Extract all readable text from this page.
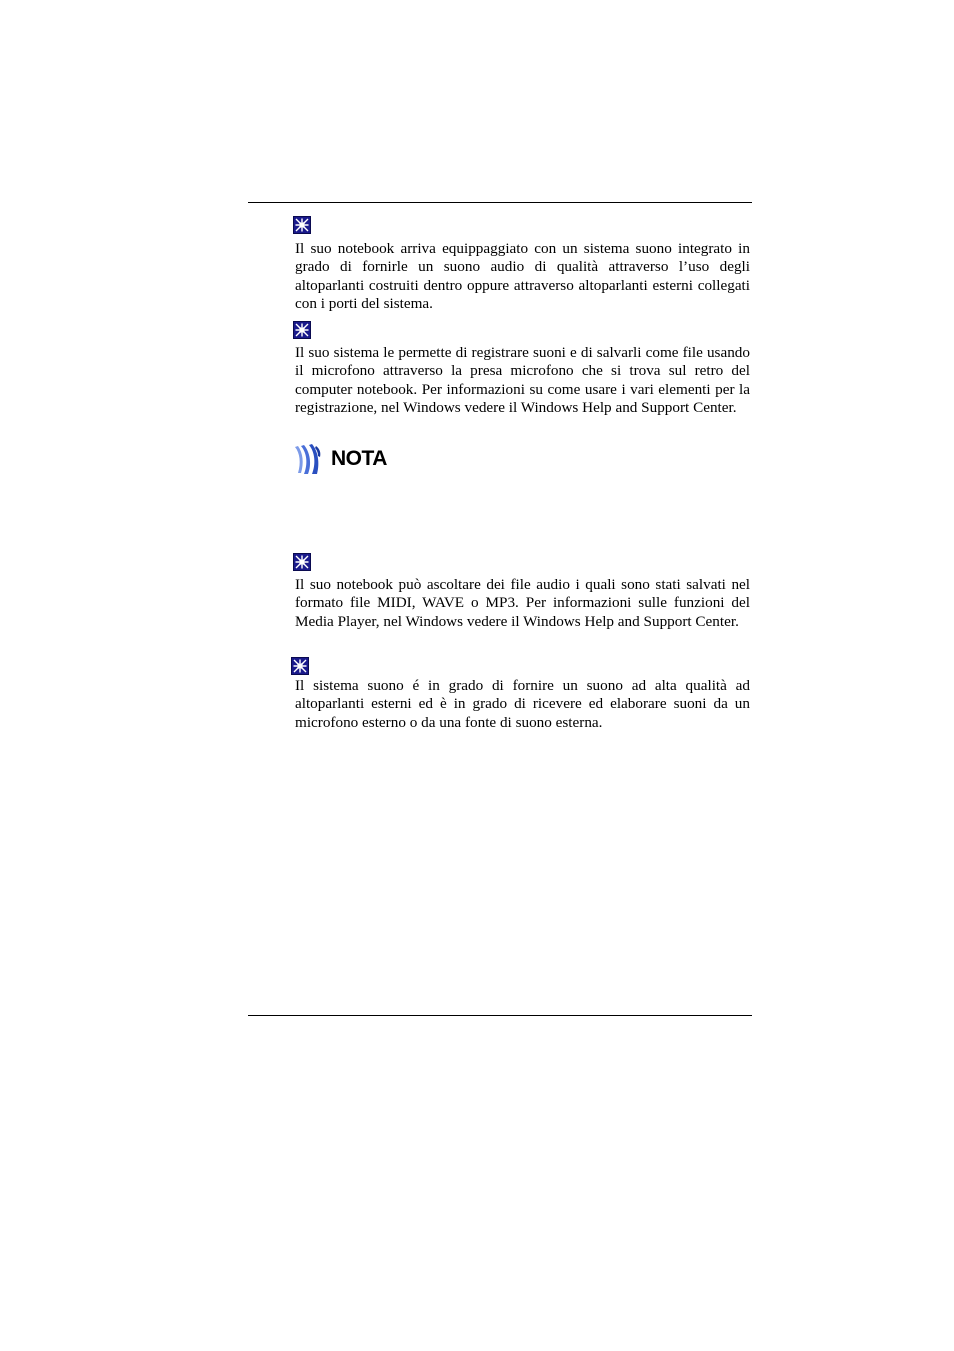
Il suo notebook arriva equippaggiato con un sistema suono integrato in grado di fornirle un suono audio di qualità attraverso l’uso degli altoparlanti costruiti dentro oppure attraverso altoparlanti esterni collegati con i porti del sistema.

Il suo sistema le permette di registrare suoni e di salvarli come file usando il microfono attraverso la presa microfono che si trova sul retro del computer notebook. Per informazioni su come usare i vari elementi per la registrazione, nel Windows vedere il Windows Help and Support Center.

NOTA

Il suo notebook può ascoltare dei file audio i quali sono stati salvati nel formato file MIDI, WAVE o MP3. Per informazioni sulle funzioni del Media Player, nel Windows vedere il Windows Help and Support Center.

Il sistema suono é in grado di fornire un suono ad alta qualità ad altoparlanti esterni ed è in grado di ricevere ed elaborare suoni da un microfono esterno o da una fonte di suono esterna.
